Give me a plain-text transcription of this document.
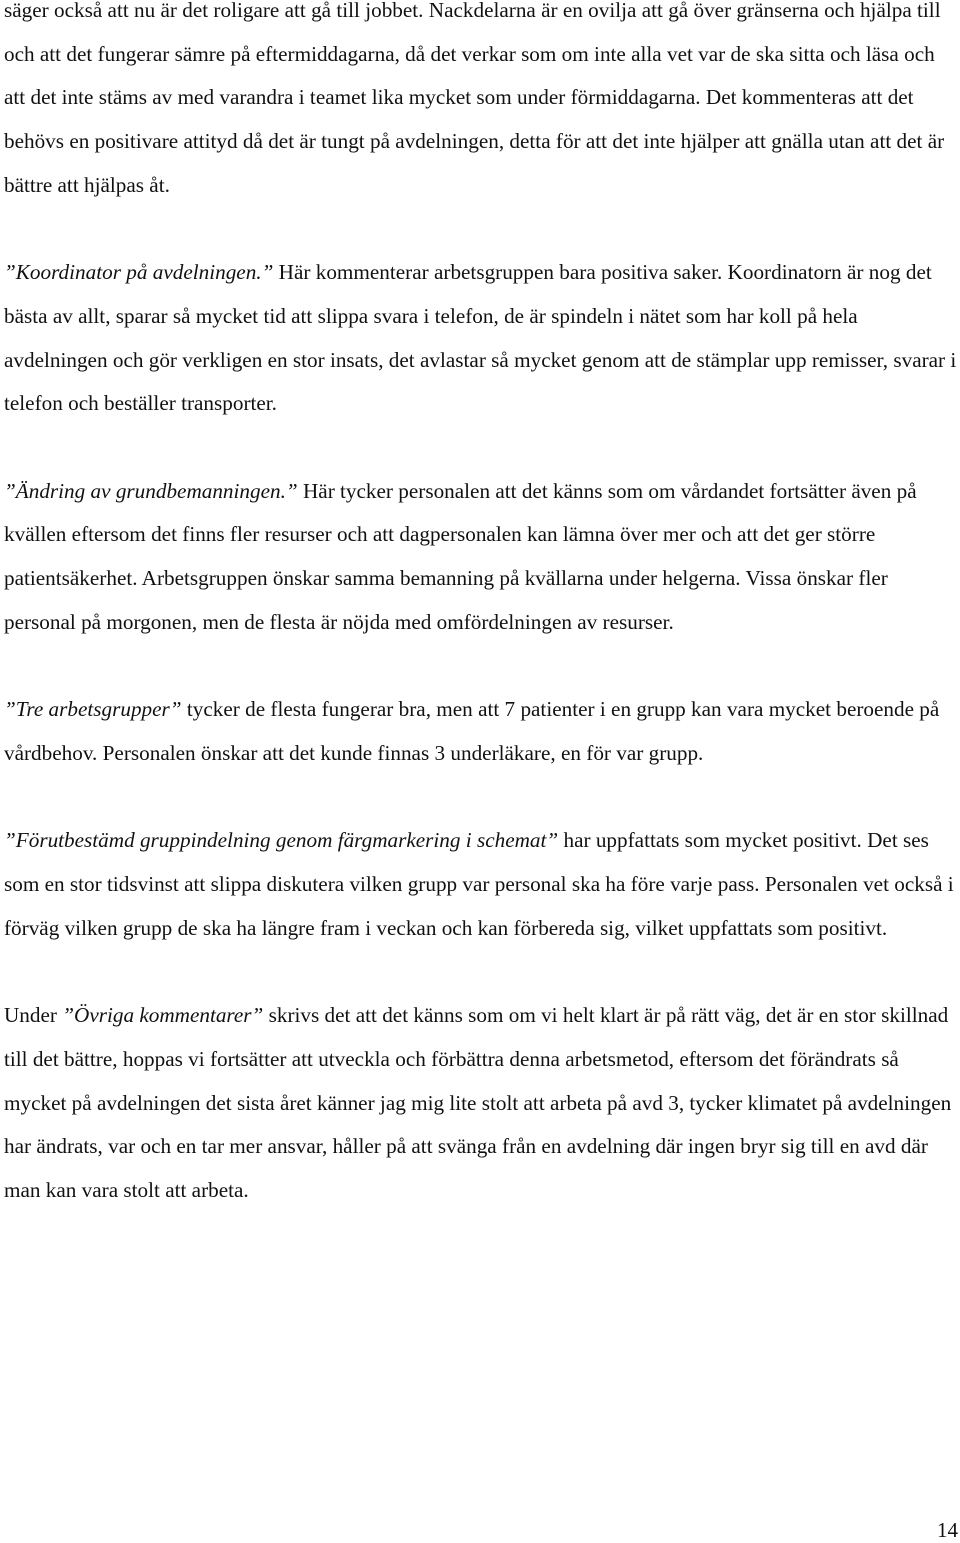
säger också att nu är det roligare att gå till jobbet. Nackdelarna är en ovilja att gå över gränserna och hjälpa till och att det fungerar sämre på eftermiddagarna, då det verkar som om inte alla vet var de ska sitta och läsa och att det inte stäms av med varandra i teamet lika mycket som under förmiddagarna. Det kommenteras att det behövs en positivare attityd då det är tungt på avdelningen, detta för att det inte hjälper att gnälla utan att det är bättre att hjälpas åt.

”Koordinator på avdelningen.” Här kommenterar arbetsgruppen bara positiva saker. Koordinatorn är nog det bästa av allt, sparar så mycket tid att slippa svara i telefon, de är spindeln i nätet som har koll på hela avdelningen och gör verkligen en stor insats, det avlastar så mycket genom att de stämplar upp remisser, svarar i telefon och beställer transporter.

”Ändring av grundbemanningen.” Här tycker personalen att det känns som om vårdandet fortsätter även på kvällen eftersom det finns fler resurser och att dagpersonalen kan lämna över mer och att det ger större patientsäkerhet. Arbetsgruppen önskar samma bemanning på kvällarna under helgerna. Vissa önskar fler personal på morgonen, men de flesta är nöjda med omfördelningen av resurser.

”Tre arbetsgrupper” tycker de flesta fungerar bra, men att 7 patienter i en grupp kan vara mycket beroende på vårdbehov. Personalen önskar att det kunde finnas 3 underläkare, en för var grupp.

”Förutbestämd gruppindelning genom färgmarkering i schemat” har uppfattats som mycket positivt. Det ses som en stor tidsvinst att slippa diskutera vilken grupp var personal ska ha före varje pass. Personalen vet också i förväg vilken grupp de ska ha längre fram i veckan och kan förbereda sig, vilket uppfattats som positivt.

Under ”Övriga kommentarer” skrivs det att det känns som om vi helt klart är på rätt väg, det är en stor skillnad till det bättre, hoppas vi fortsätter att utveckla och förbättra denna arbetsmetod, eftersom det förändrats så mycket på avdelningen det sista året känner jag mig lite stolt att arbeta på avd 3, tycker klimatet på avdelningen har ändrats, var och en tar mer ansvar, håller på att svänga från en avdelning där ingen bryr sig till en avd där man kan vara stolt att arbeta.

14
